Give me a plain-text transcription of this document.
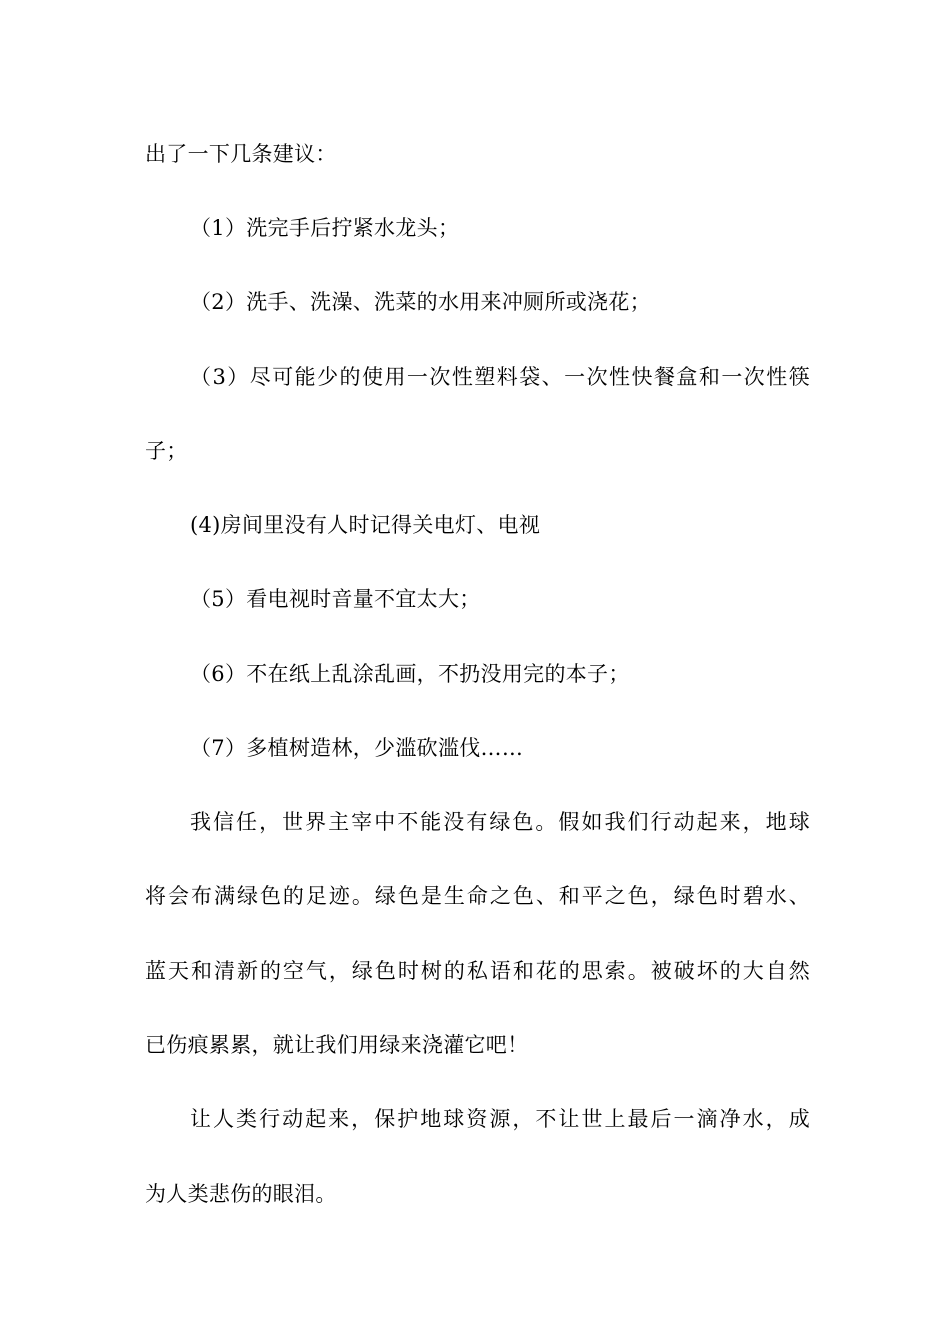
出了一下几条建议：

（1）洗完手后拧紧水龙头；

（2）洗手、洗澡、洗菜的水用来冲厕所或浇花；

（3）尽可能少的使用一次性塑料袋、一次性快餐盒和一次性筷

子；

(4)房间里没有人时记得关电灯、电视

（5）看电视时音量不宜太大；

（6）不在纸上乱涂乱画，不扔没用完的本子；

（7）多植树造林，少滥砍滥伐……

我信任，世界主宰中不能没有绿色。假如我们行动起来，地球

将会布满绿色的足迹。绿色是生命之色、和平之色，绿色时碧水、

蓝天和清新的空气，绿色时树的私语和花的思索。被破坏的大自然

已伤痕累累，就让我们用绿来浇灌它吧！

让人类行动起来，保护地球资源，不让世上最后一滴净水，成

为人类悲伤的眼泪。
